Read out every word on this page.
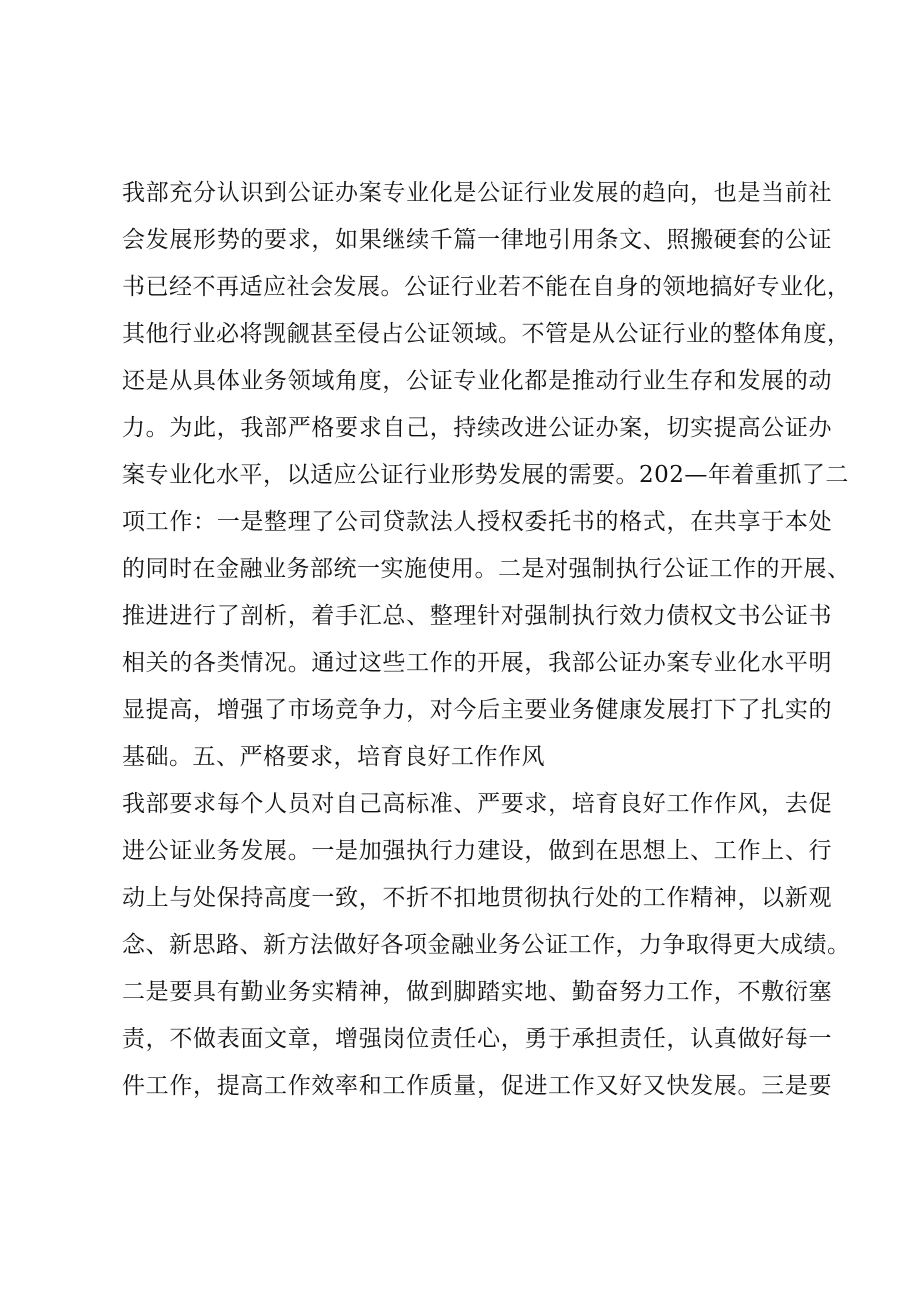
我部充分认识到公证办案专业化是公证行业发展的趋向，也是当前社
会发展形势的要求，如果继续千篇一律地引用条文、照搬硬套的公证
书已经不再适应社会发展。公证行业若不能在自身的领地搞好专业化，
其他行业必将觊觎甚至侵占公证领域。不管是从公证行业的整体角度，
还是从具体业务领域角度，公证专业化都是推动行业生存和发展的动
力。为此，我部严格要求自己，持续改进公证办案，切实提高公证办
案专业化水平，以适应公证行业形势发展的需要。202—年着重抓了二
项工作：一是整理了公司贷款法人授权委托书的格式，在共享于本处
的同时在金融业务部统一实施使用。二是对强制执行公证工作的开展、
推进进行了剖析，着手汇总、整理针对强制执行效力债权文书公证书
相关的各类情况。通过这些工作的开展，我部公证办案专业化水平明
显提高，增强了市场竞争力，对今后主要业务健康发展打下了扎实的
基础。五、严格要求，培育良好工作作风
我部要求每个人员对自己高标准、严要求，培育良好工作作风，去促
进公证业务发展。一是加强执行力建设，做到在思想上、工作上、行
动上与处保持高度一致，不折不扣地贯彻执行处的工作精神，以新观
念、新思路、新方法做好各项金融业务公证工作，力争取得更大成绩。
二是要具有勤业务实精神，做到脚踏实地、勤奋努力工作，不敷衍塞
责，不做表面文章，增强岗位责任心，勇于承担责任，认真做好每一
件工作，提高工作效率和工作质量，促进工作又好又快发展。三是要
